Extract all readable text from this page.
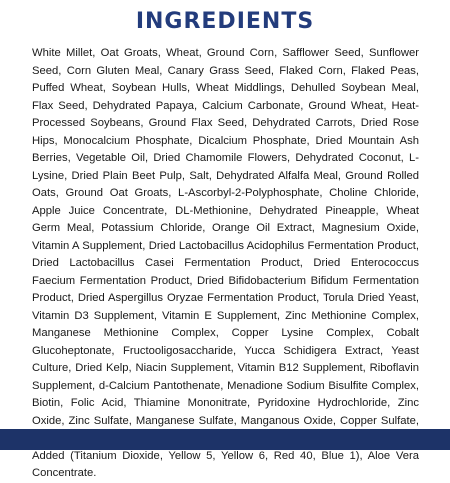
INGREDIENTS

White Millet, Oat Groats, Wheat, Ground Corn, Safflower Seed, Sunflower Seed, Corn Gluten Meal, Canary Grass Seed, Flaked Corn, Flaked Peas, Puffed Wheat, Soybean Hulls, Wheat Middlings, Dehulled Soybean Meal, Flax Seed, Dehydrated Papaya, Calcium Carbonate, Ground Wheat, Heat-Processed Soybeans, Ground Flax Seed, Dehydrated Carrots, Dried Rose Hips, Monocalcium Phosphate, Dicalcium Phosphate, Dried Mountain Ash Berries, Vegetable Oil, Dried Chamomile Flowers, Dehydrated Coconut, L-Lysine, Dried Plain Beet Pulp, Salt, Dehydrated Alfalfa Meal, Ground Rolled Oats, Ground Oat Groats, L-Ascorbyl-2-Polyphosphate, Choline Chloride, Apple Juice Concentrate, DL-Methionine, Dehydrated Pineapple, Wheat Germ Meal, Potassium Chloride, Orange Oil Extract, Magnesium Oxide, Vitamin A Supplement, Dried Lactobacillus Acidophilus Fermentation Product, Dried Lactobacillus Casei Fermentation Product, Dried Enterococcus Faecium Fermentation Product, Dried Bifidobacterium Bifidum Fermentation Product, Dried Aspergillus Oryzae Fermentation Product, Torula Dried Yeast, Vitamin D3 Supplement, Vitamin E Supplement, Zinc Methionine Complex, Manganese Methionine Complex, Copper Lysine Complex, Cobalt Glucoheptonate, Fructooligosaccharide, Yucca Schidigera Extract, Yeast Culture, Dried Kelp, Niacin Supplement, Vitamin B12 Supplement, Riboflavin Supplement, d-Calcium Pantothenate, Menadione Sodium Bisulfite Complex, Biotin, Folic Acid, Thiamine Mononitrate, Pyridoxine Hydrochloride, Zinc Oxide, Zinc Sulfate, Manganese Sulfate, Manganous Oxide, Copper Sulfate, Added (Titanium Dioxide, Yellow 5, Yellow 6, Red 40, Blue 1), Aloe Vera Concentrate.
